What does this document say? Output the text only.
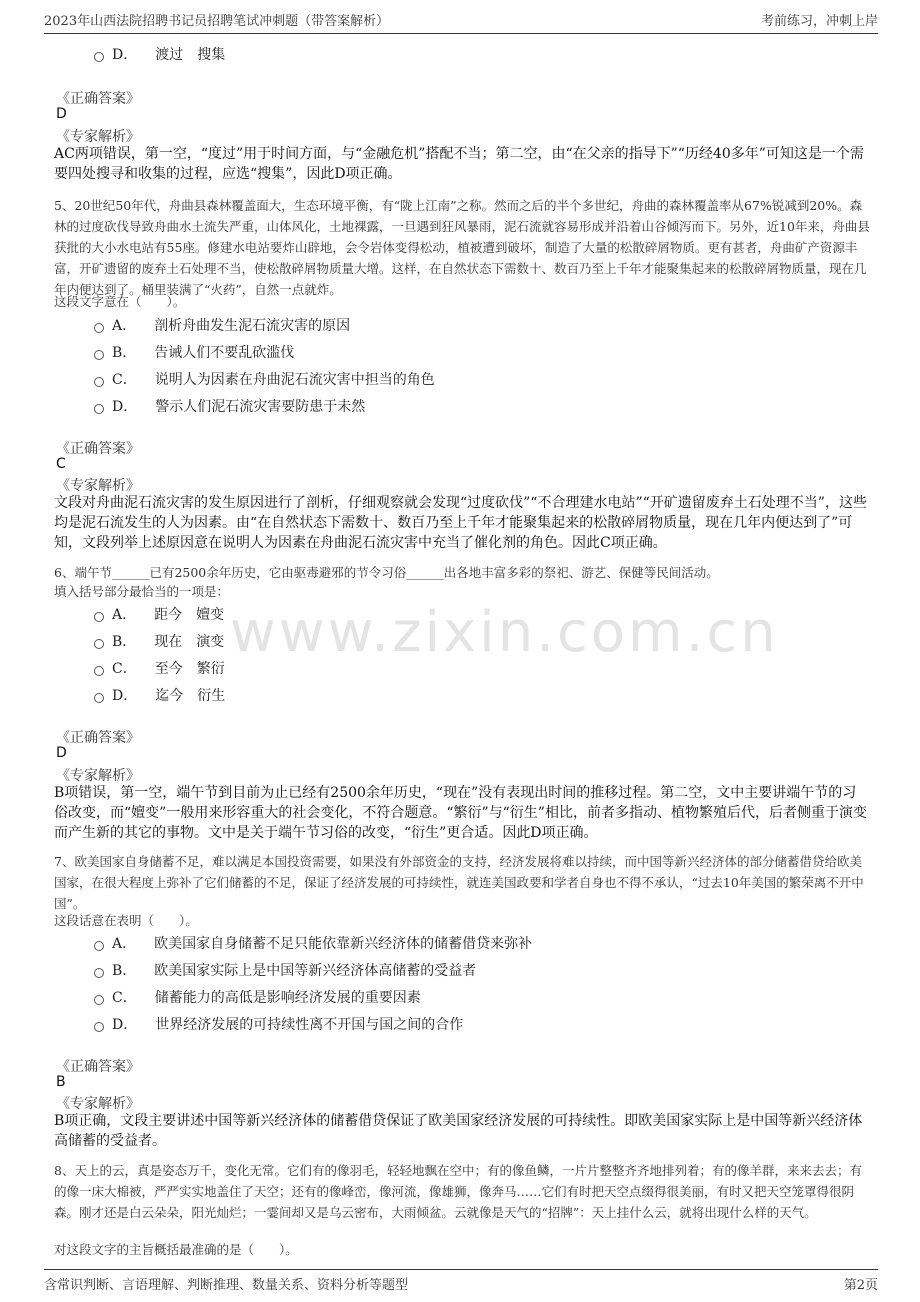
2023年山西法院招聘书记员招聘笔试冲刺题（带答案解析）	考前练习，冲刺上岸
www.zixin.com.cn
D． 渡过　搜集
《正确答案》
D
《专家解析》
AC两项错误，第一空，“度过”用于时间方面，与“金融危机”搭配不当；第二空，由“在父亲的指导下”“历经40多年”可知这是一个需要四处搜寻和收集的过程，应选“搜集”，因此D项正确。
5、20世纪50年代，舟曲县森林覆盖面大，生态环境平衡，有“陇上江南”之称。然而之后的半个多世纪，舟曲的森林覆盖率从67%锐减到20%。森林的过度砍伐导致舟曲水土流失严重，山体风化，土地裸露，一旦遇到狂风暴雨，泥石流就容易形成并沿着山谷倾泻而下。另外，近10年来，舟曲县获批的大小水电站有55座。修建水电站要炸山辟地，会令岩体变得松动，植被遭到破坏，制造了大量的松散碎屑物质。更有甚者，舟曲矿产资源丰富，开矿遗留的废弃土石处理不当，使松散碎屑物质量大增。这样，在自然状态下需数十、数百乃至上千年才能聚集起来的松散碎屑物质量，现在几年内便达到了。桶里装满了“火药”，自然一点就炸。
这段文字意在（　　）。
A． 剖析舟曲发生泥石流灾害的原因
B． 告诫人们不要乱砍滥伐
C． 说明人为因素在舟曲泥石流灾害中担当的角色
D． 警示人们泥石流灾害要防患于未然
《正确答案》
C
《专家解析》
文段对舟曲泥石流灾害的发生原因进行了剖析，仔细观察就会发现“过度砍伐”“不合理建水电站”“开矿遗留废弃土石处理不当”，这些均是泥石流发生的人为因素。由“在自然状态下需数十、数百乃至上千年才能聚集起来的松散碎屑物质量，现在几年内便达到了”可知，文段列举上述原因意在说明人为因素在舟曲泥石流灾害中充当了催化剂的角色。因此C项正确。
6、端午节______已有2500余年历史，它由驱毒避邪的节令习俗______出各地丰富多彩的祭祀、游艺、保健等民间活动。
填入括号部分最恰当的一项是：
A． 距今　嬗变
B． 现在　演变
C． 至今　繁衍
D． 迄今　衍生
《正确答案》
D
《专家解析》
B项错误，第一空，端午节到目前为止已经有2500余年历史，“现在”没有表现出时间的推移过程。第二空，文中主要讲端午节的习俗改变，而“嬗变”一般用来形容重大的社会变化，不符合题意。“繁衍”与“衍生”相比，前者多指动、植物繁殖后代，后者侧重于演变而产生新的其它的事物。文中是关于端午节习俗的改变，“衍生”更合适。因此D项正确。
7、欧美国家自身储蓄不足，难以满足本国投资需要，如果没有外部资金的支持，经济发展将难以持续，而中国等新兴经济体的部分储蓄借贷给欧美国家，在很大程度上弥补了它们储蓄的不足，保证了经济发展的可持续性，就连美国政要和学者自身也不得不承认，“过去10年美国的繁荣离不开中国”。
这段话意在表明（　　）。
A． 欧美国家自身储蓄不足只能依靠新兴经济体的储蓄借贷来弥补
B． 欧美国家实际上是中国等新兴经济体高储蓄的受益者
C． 储蓄能力的高低是影响经济发展的重要因素
D． 世界经济发展的可持续性离不开国与国之间的合作
《正确答案》
B
《专家解析》
B项正确，文段主要讲述中国等新兴经济体的储蓄借贷保证了欧美国家经济发展的可持续性。即欧美国家实际上是中国等新兴经济体高储蓄的受益者。
8、天上的云，真是姿态万千，变化无常。它们有的像羽毛，轻轻地飘在空中；有的像鱼鳞，一片片整整齐齐地排列着；有的像羊群，来来去去；有的像一床大棉被，严严实实地盖住了天空；还有的像峰峦，像河流，像雄狮，像奔马……它们有时把天空点缀得很美丽，有时又把天空笼罩得很阴森。刚才还是白云朵朵，阳光灿烂；一霎间却又是乌云密布，大雨倾盆。云就像是天气的“招牌”：天上挂什么云，就将出现什么样的天气。
对这段文字的主旨概括最准确的是（　　）。
含常识判断、言语理解、判断推理、数量关系、资料分析等题型	第2页
